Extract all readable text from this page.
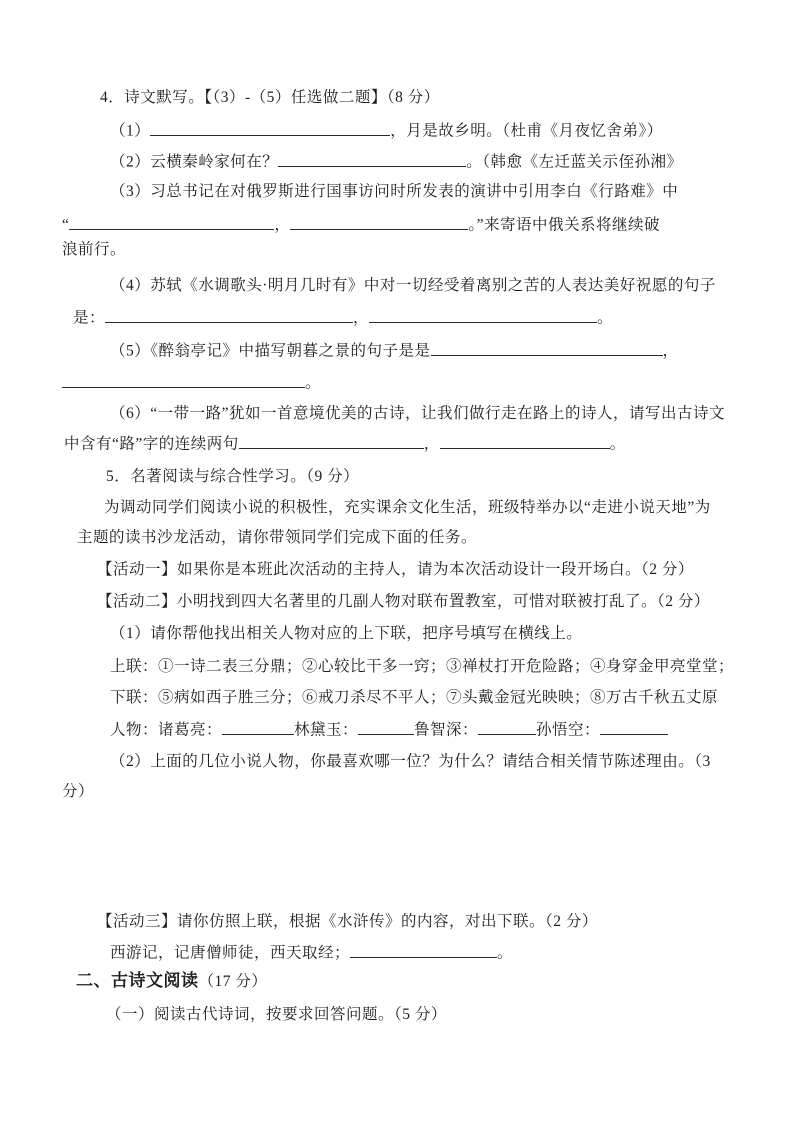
4．诗文默写。【（3）-（5）任选做二题】（8 分）
（1）	，月是故乡明。（杜甫《月夜忆舍弟》）
（2）云横秦岭家何在？	。（韩愈《左迁蓝关示侄孙湘》
（3）习总书记在对俄罗斯进行国事访问时所发表的演讲中引用李白《行路难》中
“	，	。”来寄语中俄关系将继续破
浪前行。
（4）苏轼《水调歌头·明月几时有》中对一切经受着离别之苦的人表达美好祝愿的句子
是：	，	。
（5）《醉翁亭记》中描写朝暮之景的句子是是	，
。
（6）“一带一路”犹如一首意境优美的古诗，让我们做行走在路上的诗人，请写出古诗文
中含有“路”字的连续两句	，	。
5．名著阅读与综合性学习。（9 分）
为调动同学们阅读小说的积极性，充实课余文化生活，班级特举办以“走进小说天地”为
主题的读书沙龙活动，请你带领同学们完成下面的任务。
【活动一】如果你是本班此次活动的主持人，请为本次活动设计一段开场白。（2 分）
【活动二】小明找到四大名著里的几副人物对联布置教室，可惜对联被打乱了。（2 分）
（1）请你帮他找出相关人物对应的上下联，把序号填写在横线上。
上联：①一诗二表三分鼎；②心较比干多一窍；③禅杖打开危险路；④身穿金甲亮堂堂；
下联：⑤病如西子胜三分；⑥戒刀杀尽不平人；⑦头戴金冠光映映；⑧万古千秋五丈原
人物：诸葛亮：	林黛玉：	鲁智深：	孙悟空：
（2）上面的几位小说人物，你最喜欢哪一位？为什么？请结合相关情节陈述理由。（3
分）
【活动三】请你仿照上联，根据《水浒传》的内容，对出下联。（2 分）
西游记，记唐僧师徒，西天取经；	。
二、古诗文阅读（17 分）
（一）阅读古代诗词，按要求回答问题。（5 分）
